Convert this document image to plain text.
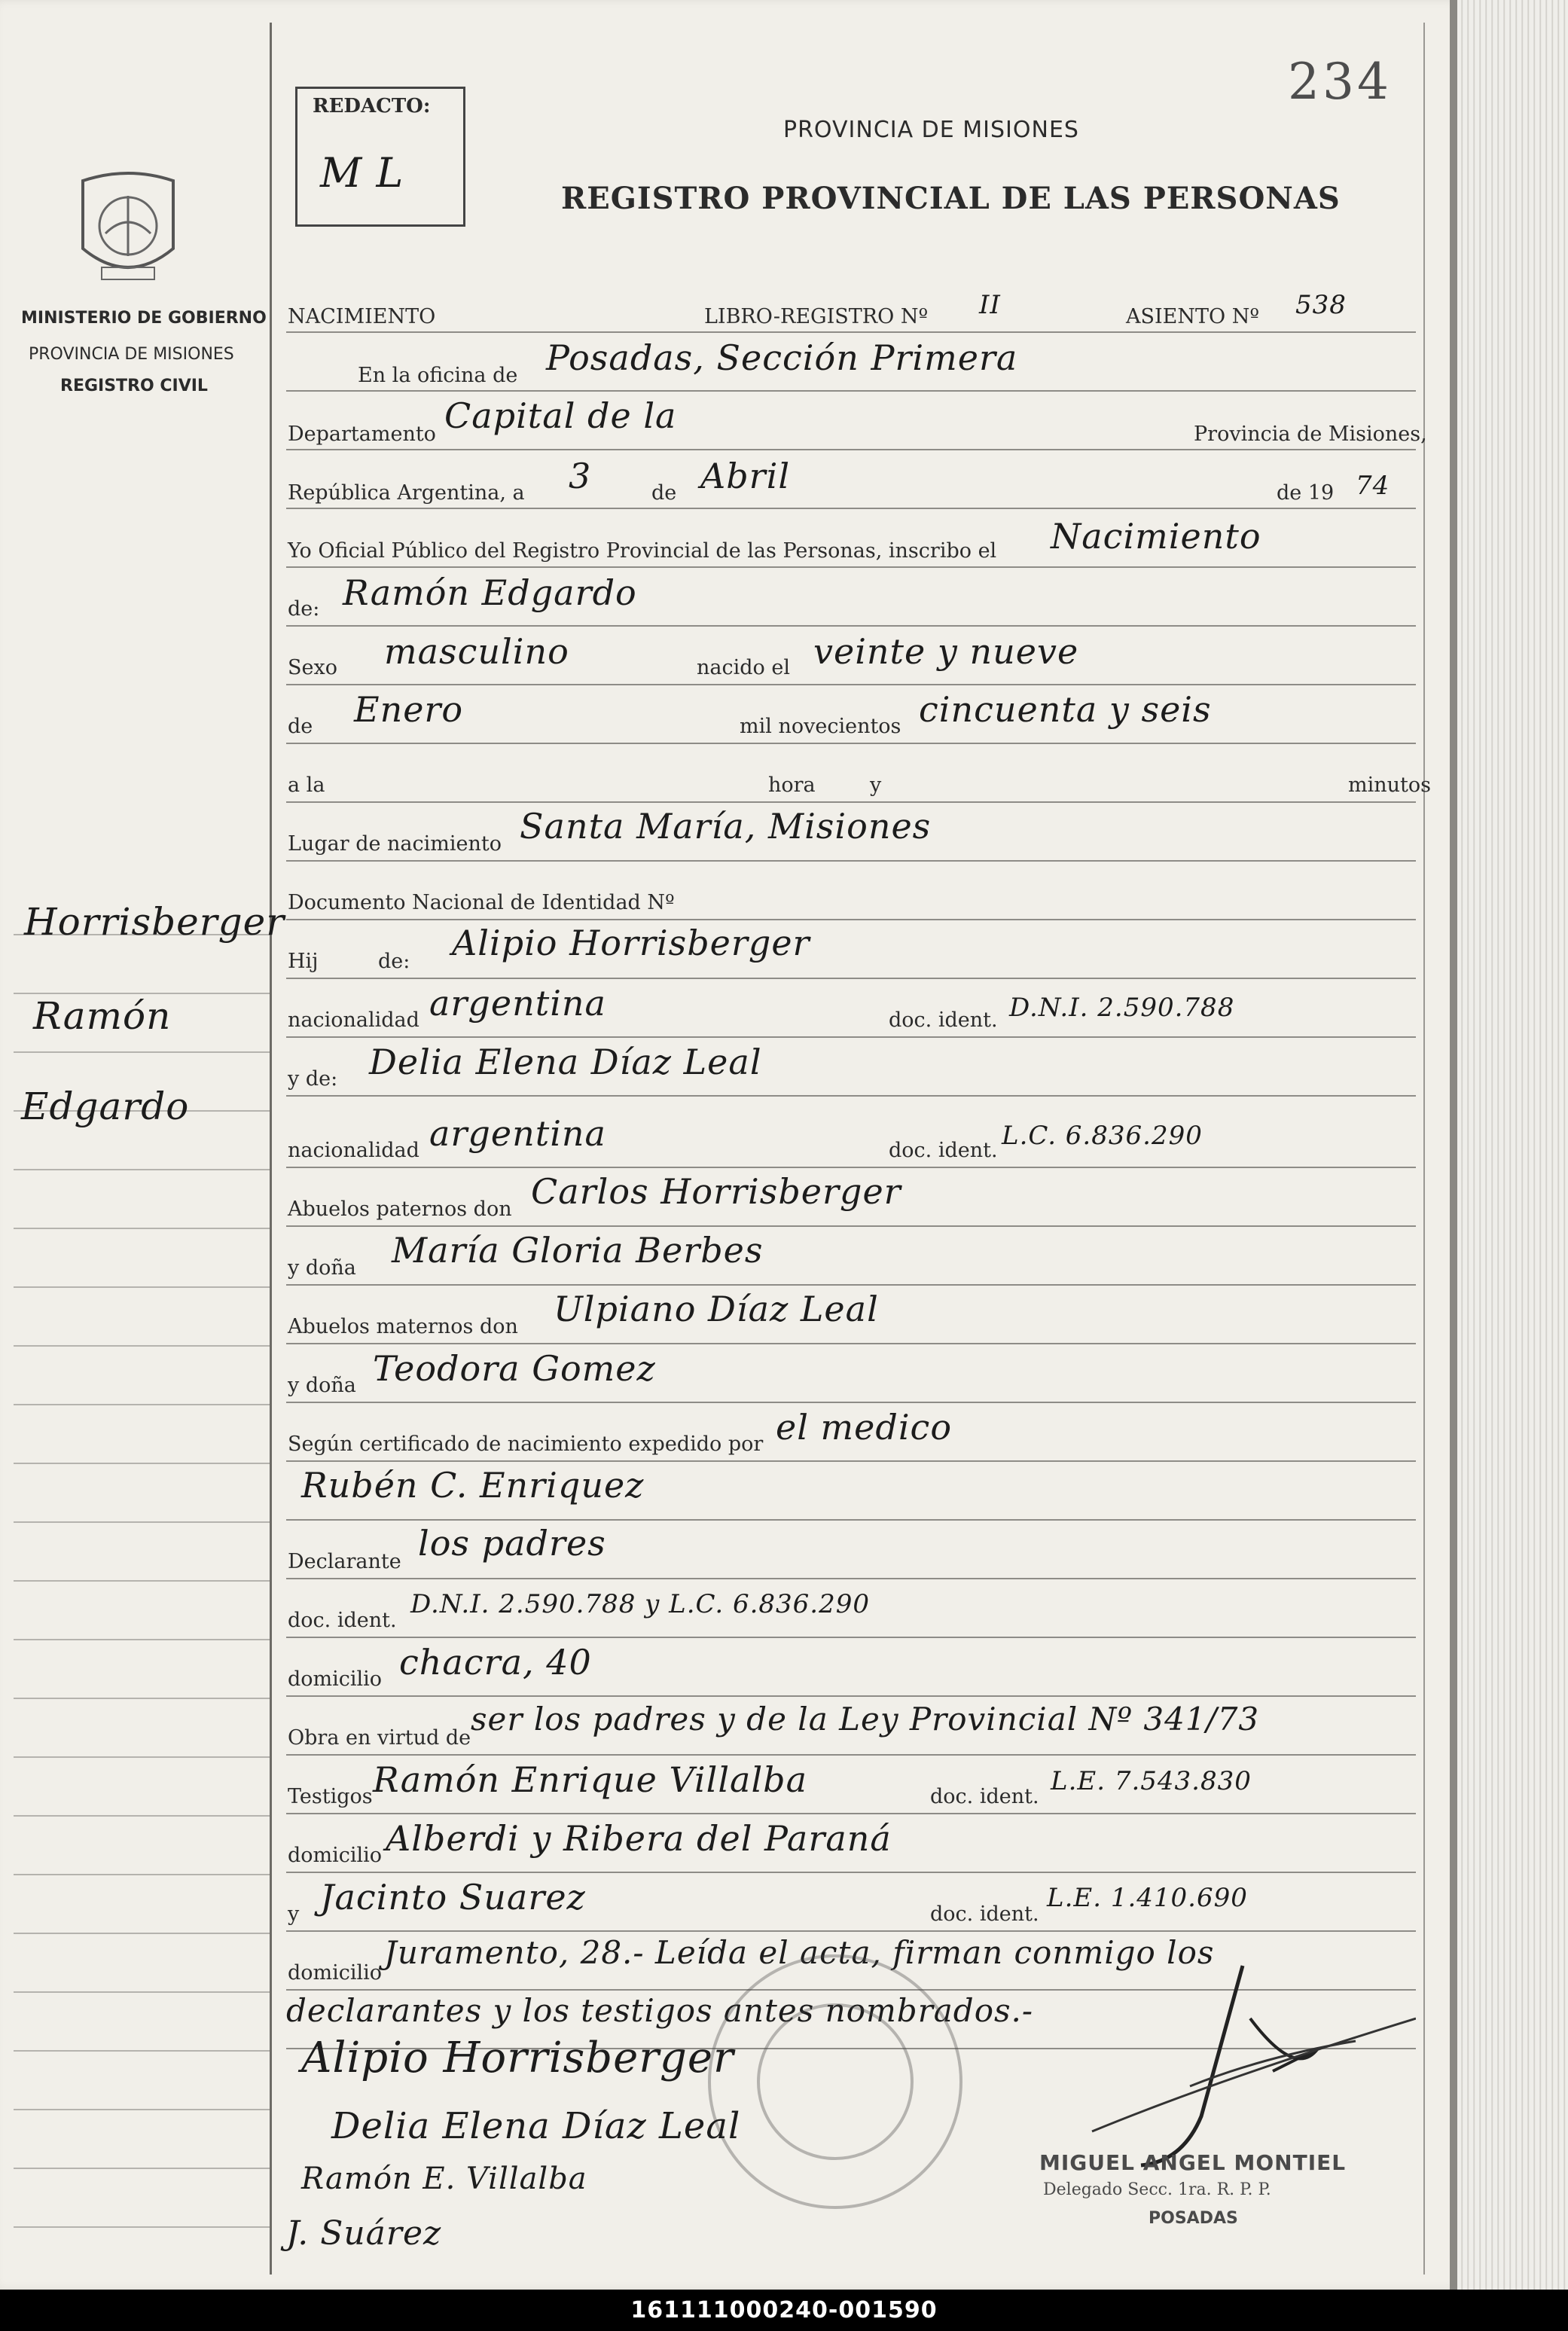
234
REDACTO:
M L
PROVINCIA DE MISIONES
REGISTRO PROVINCIAL DE LAS PERSONAS
MINISTERIO DE GOBIERNO
PROVINCIA DE MISIONES
REGISTRO CIVIL
Horrisberger
Ramón
Edgardo
NACIMIENTO	LIBRO-REGISTRO Nº II	ASIENTO Nº 538
En la oficina de Posadas, Sección Primera
Departamento Capital de la	Provincia de Misiones,
República Argentina, a 3	de Abril	de 19 74
Yo Oficial Público del Registro Provincial de las Personas, inscribo el Nacimiento
de: Ramón Edgardo
Sexo masculino	nacido el veinte y nueve
de Enero	mil novecientos cincuenta y seis
a la	hora	y	minutos
Lugar de nacimiento Santa María, Misiones
Documento Nacional de Identidad Nº
Hij	de: Alipio Horrisberger
nacionalidad argentina	doc. ident. D.N.I. 2.590.788
y de: Delia Elena Díaz Leal
nacionalidad argentina	doc. ident. L.C. 6.836.290
Abuelos paternos don Carlos Horrisberger
y doña María Gloria Berbes
Abuelos maternos don Ulpiano Díaz Leal
y doña Teodora Gomez
Según certificado de nacimiento expedido por el medico
Rubén C. Enriquez
Declarante los padres
doc. ident.
D.N.I. 2.590.788 y L.C. 6.836.290
domicilio chacra, 40
Obra en virtud de
ser los padres y de la Ley Provincial Nº 341/73
Testigos Ramón Enrique Villalba	doc. ident.
L.E. 7.543.830
domicilio Alberdi y Ribera del Paraná
y Jacinto Suarez	doc. ident.
L.E. 1.410.690
domicilio
Juramento, 28.- Leída el acta, firman conmigo los
declarantes y los testigos antes nombrados.-
Alipio Horrisberger
Delia Elena Díaz Leal
Ramón E. Villalba
J. Suárez
MIGUEL ANGEL MONTIEL
Delegado Secc. 1ra. R. P. P.
POSADAS
161111000240-001590
